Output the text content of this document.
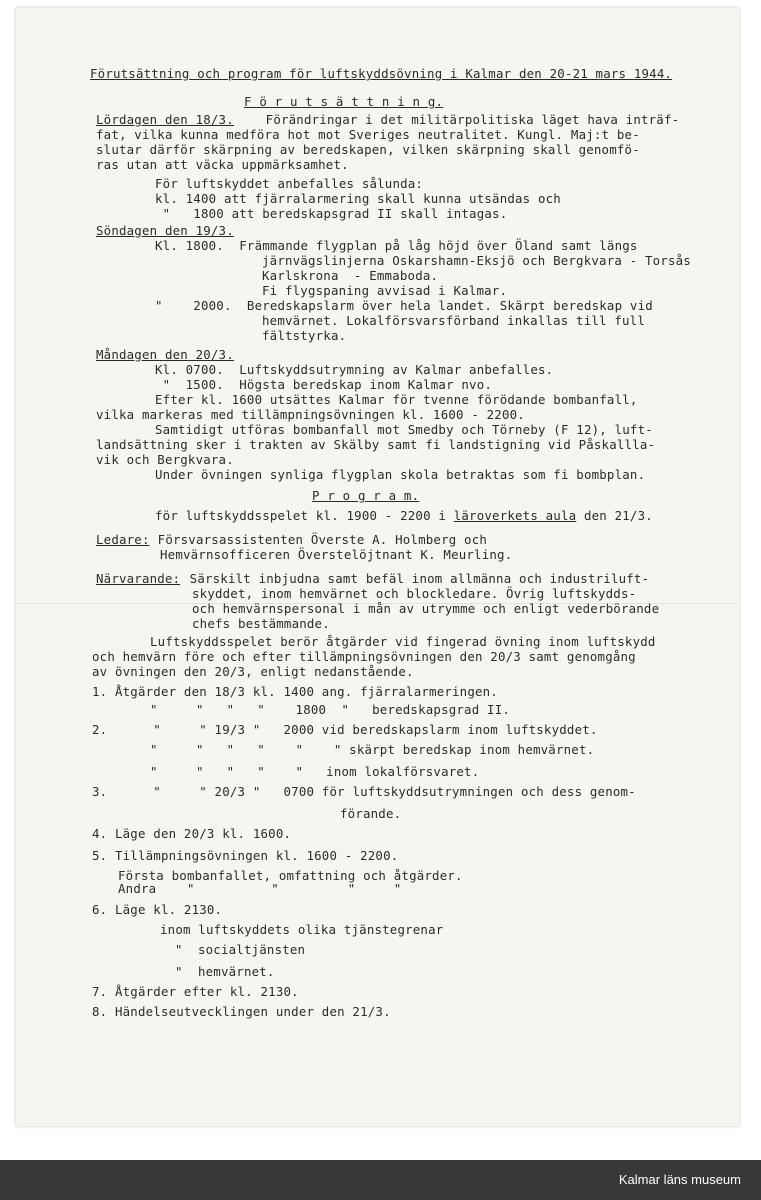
Förutsättning och program för luftskyddsövning i Kalmar den 20-21 mars 1944.
F ö r u t s ä t t n i n g.
Lördagen den 18/3. Förändringar i det militärpolitiska läget hava inträf-
fat, vilka kunna medföra hot mot Sveriges neutralitet. Kungl. Maj:t be-
slutar därför skärpning av beredskapen, vilken skärpning skall genomfö-
ras utan att väcka uppmärksamhet.
För luftskyddet anbefalles sålunda:
kl. 1400 att fjärralarmering skall kunna utsändas och
"   1800 att beredskapsgrad II skall intagas.
Söndagen den 19/3.
Kl. 1800.  Främmande flygplan på låg höjd över Öland samt längs
järnvägslinjerna Oskarshamn-Eksjö och Bergkvara - Torsås
Karlskrona  - Emmaboda.
Fi flygspaning avvisad i Kalmar.
"    2000.  Beredskapslarm över hela landet. Skärpt beredskap vid
hemvärnet. Lokalförsvarsförband inkallas till full
fältstyrka.
Måndagen den 20/3.
Kl. 0700.  Luftskyddsutrymning av Kalmar anbefalles.
"  1500.  Högsta beredskap inom Kalmar nvo.
Efter kl. 1600 utsättes Kalmar för tvenne förödande bombanfall,
vilka markeras med tillämpningsövningen kl. 1600 - 2200.
Samtidigt utföras bombanfall mot Smedby och Törneby (F 12), luft-
landsättning sker i trakten av Skälby samt fi landstigning vid Påskallla-
vik och Bergkvara.
Under övningen synliga flygplan skola betraktas som fi bombplan.
P r o g r a m.
för luftskyddsspelet kl. 1900 - 2200 i läroverkets aula den 21/3.
Ledare: Försvarsassistenten Överste A. Holmberg och
Hemvärnsofficeren Överstelöjtnant K. Meurling.
Närvarande: Särskilt inbjudna samt befäl inom allmänna och industriluft-
skyddet, inom hemvärnet och blockledare. Övrig luftskydds-
och hemvärnspersonal i mån av utrymme och enligt vederbörande
chefs bestämmande.
Luftskyddsspelet berör åtgärder vid fingerad övning inom luftskydd
och hemvärn före och efter tillämpningsövningen den 20/3 samt genomgång
av övningen den 20/3, enligt nedanstående.
1. Åtgärder den 18/3 kl. 1400 ang. fjärralarmeringen.
"     "   "   "    1800  "   beredskapsgrad II.
2.      "     " 19/3 "   2000 vid beredskapslarm inom luftskyddet.
"     "   "   "    "    " skärpt beredskap inom hemvärnet.
"     "   "   "    "   inom lokalförsvaret.
3.      "     " 20/3 "   0700 för luftskyddsutrymningen och dess genom-
förande.
4. Läge den 20/3 kl. 1600.
5. Tillämpningsövningen kl. 1600 - 2200.
Första bombanfallet, omfattning och åtgärder.
Andra    "          "         "     "
6. Läge kl. 2130.
inom luftskyddets olika tjänstegrenar
"  socialtjänsten
"  hemvärnet.
7. Åtgärder efter kl. 2130.
8. Händelseutvecklingen under den 21/3.
Kalmar läns museum
